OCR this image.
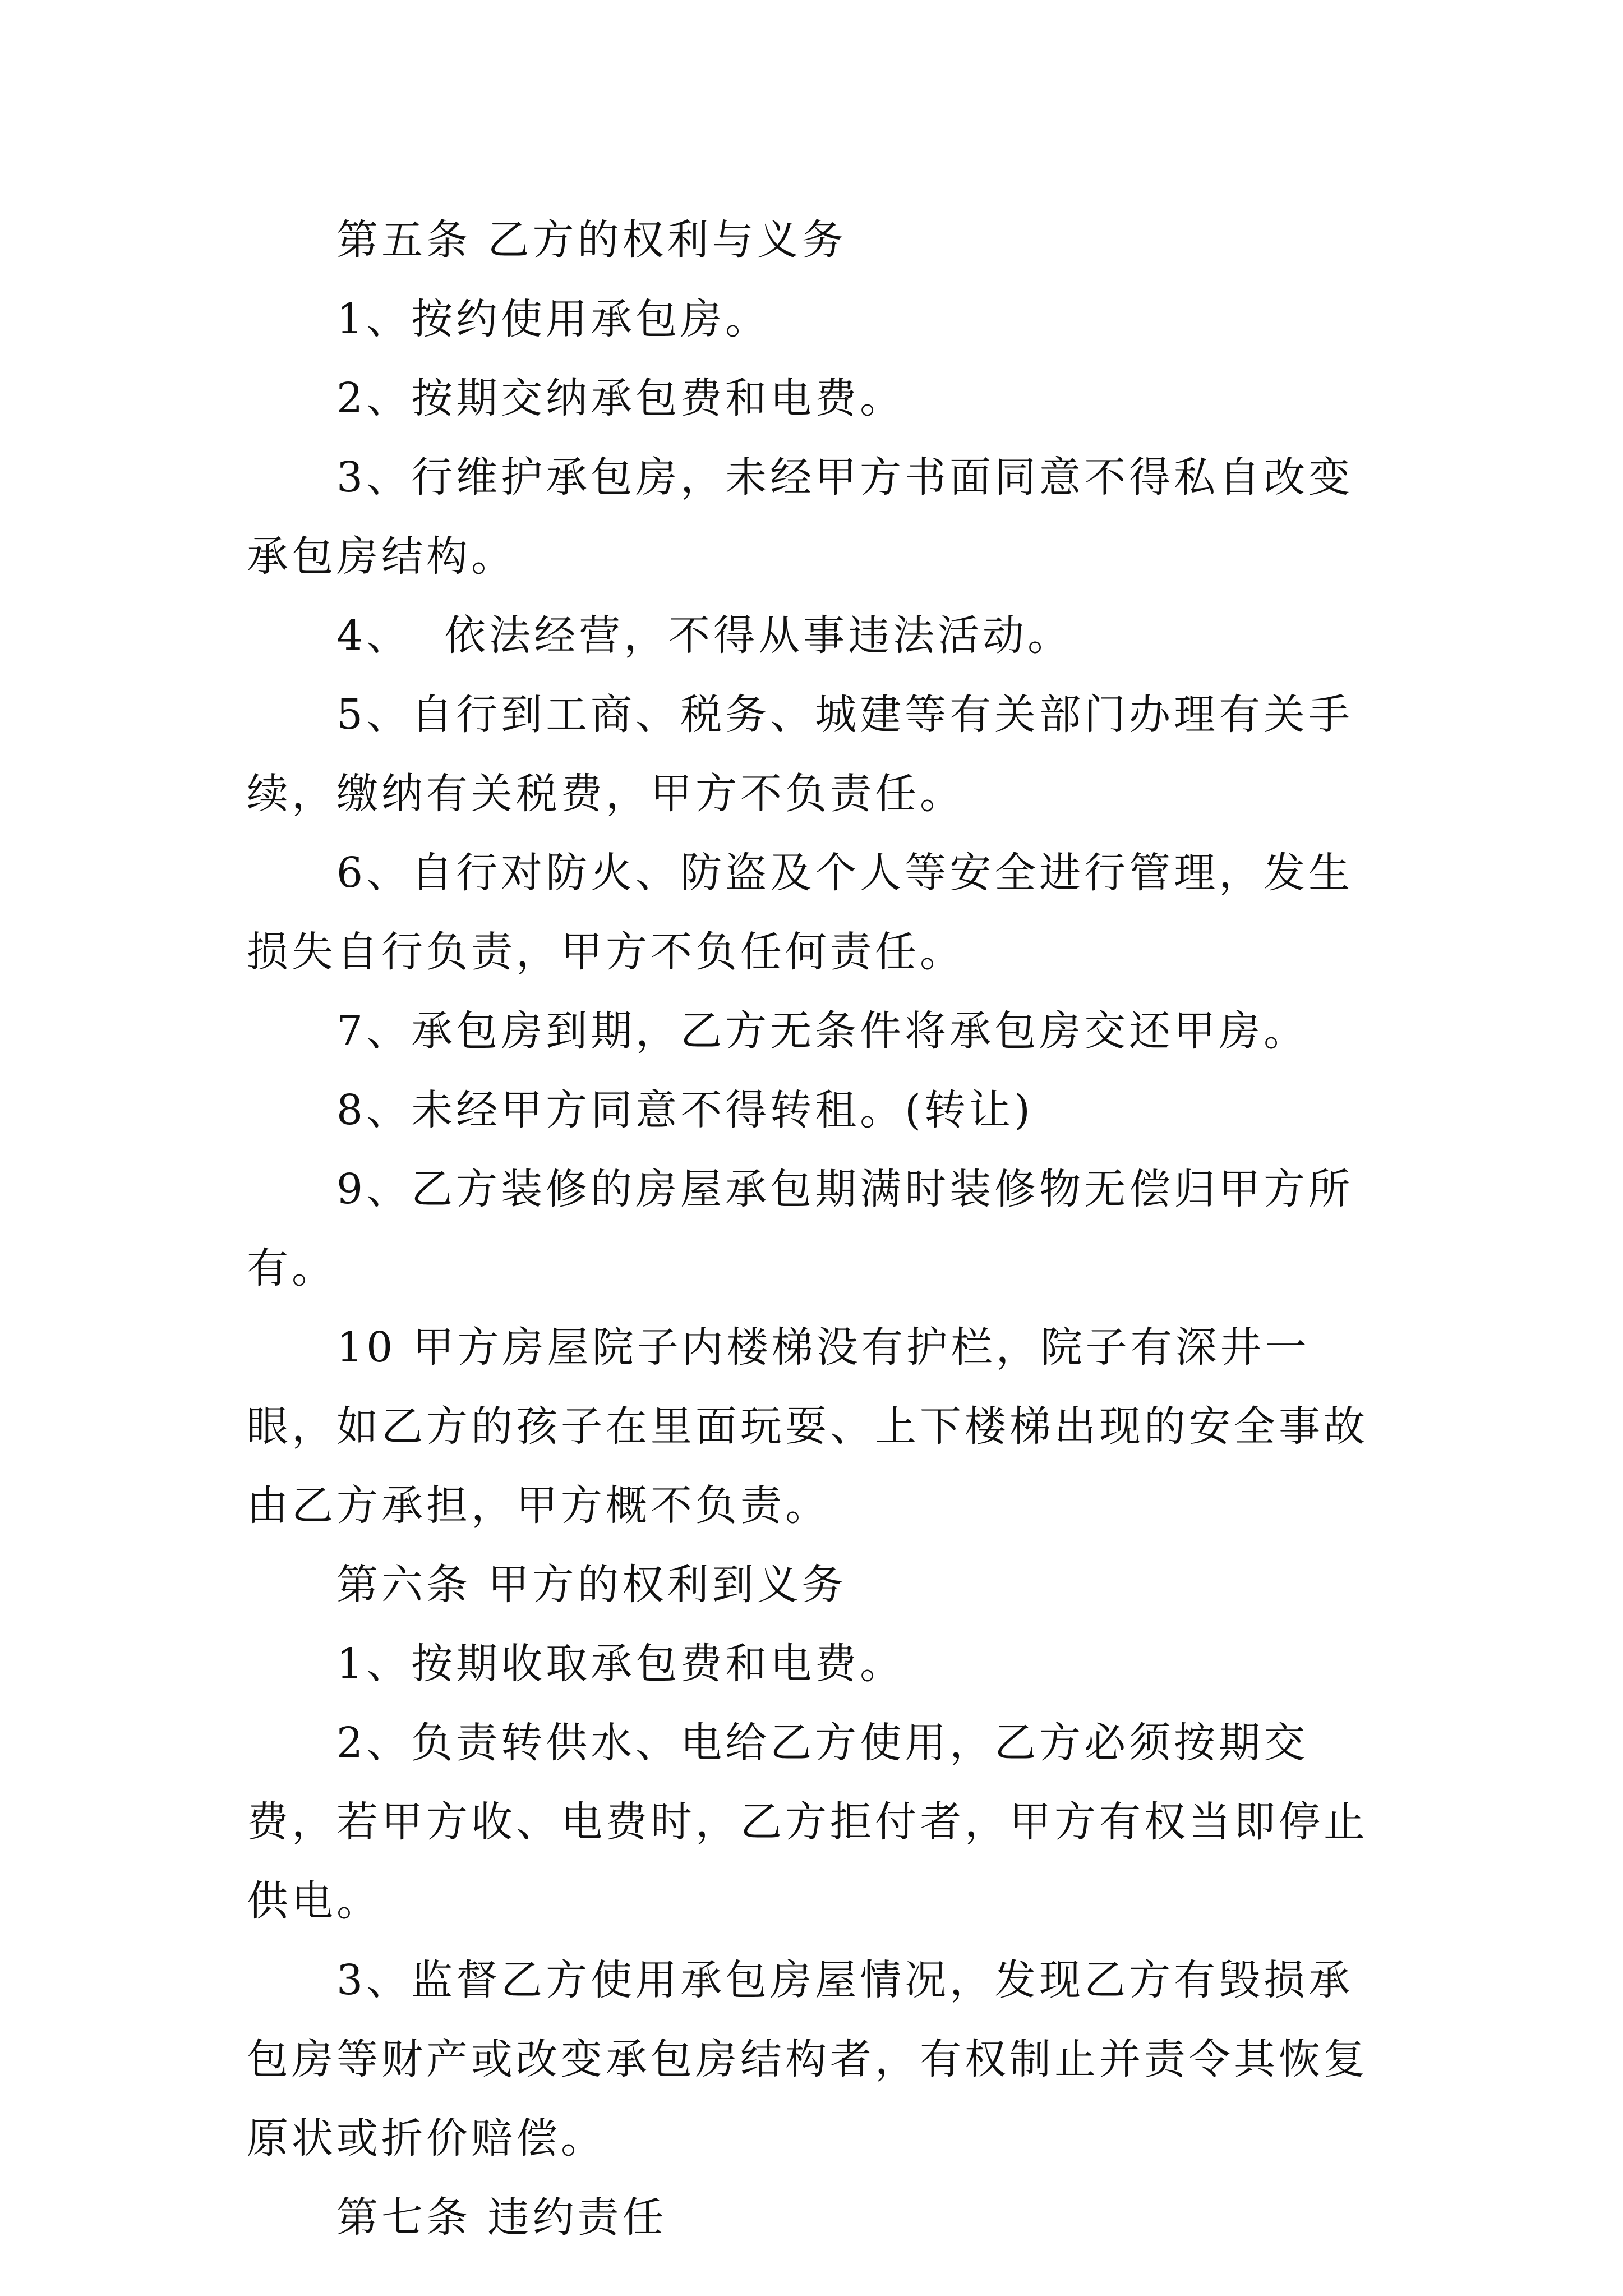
第五条 乙方的权利与义务

1、按约使用承包房。

2、按期交纳承包费和电费。

3、行维护承包房，未经甲方书面同意不得私自改变承包房结构。

4、  依法经营，不得从事违法活动。

5、自行到工商、税务、城建等有关部门办理有关手续，缴纳有关税费，甲方不负责任。

6、自行对防火、防盗及个人等安全进行管理，发生损失自行负责，甲方不负任何责任。

7、承包房到期，乙方无条件将承包房交还甲房。

8、未经甲方同意不得转租。(转让)

9、乙方装修的房屋承包期满时装修物无偿归甲方所有。

10 甲方房屋院子内楼梯没有护栏，院子有深井一眼，如乙方的孩子在里面玩耍、上下楼梯出现的安全事故由乙方承担，甲方概不负责。

第六条 甲方的权利到义务

1、按期收取承包费和电费。

2、负责转供水、电给乙方使用，乙方必须按期交费，若甲方收、电费时，乙方拒付者，甲方有权当即停止供电。

3、监督乙方使用承包房屋情况，发现乙方有毁损承包房等财产或改变承包房结构者，有权制止并责令其恢复原状或折价赔偿。

第七条 违约责任
